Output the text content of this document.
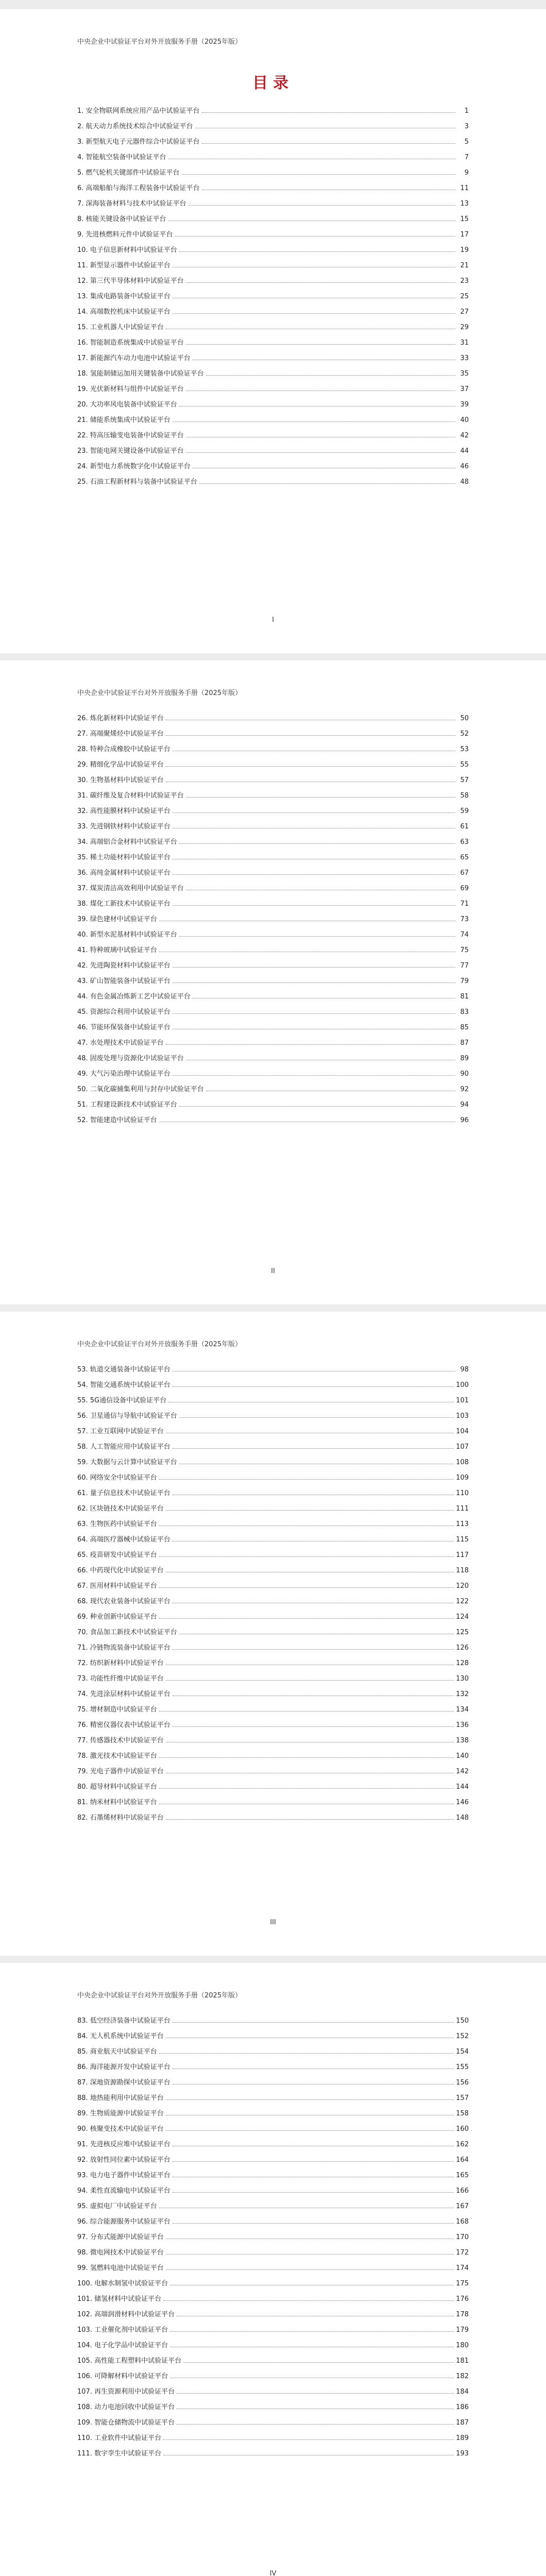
中央企业中试验证平台对外开放服务手册（2025年版）
目录
1. 安全物联网系统应用产品中试验证平台	1
2. 航天动力系统技术综合中试验证平台	3
3. 新型航天电子元器件综合中试验证平台	5
4. 智能航空装备中试验证平台	7
5. 燃气轮机关键部件中试验证平台	9
6. 高端船舶与海洋工程装备中试验证平台	11
7. 深海装备材料与技术中试验证平台	13
8. 核能关键设备中试验证平台	15
9. 先进核燃料元件中试验证平台	17
10. 电子信息新材料中试验证平台	19
11. 新型显示器件中试验证平台	21
12. 第三代半导体材料中试验证平台	23
13. 集成电路装备中试验证平台	25
14. 高端数控机床中试验证平台	27
15. 工业机器人中试验证平台	29
16. 智能制造系统集成中试验证平台	31
17. 新能源汽车动力电池中试验证平台	33
18. 氢能制储运加用关键装备中试验证平台	35
19. 光伏新材料与组件中试验证平台	37
20. 大功率风电装备中试验证平台	39
21. 储能系统集成中试验证平台	40
22. 特高压输变电装备中试验证平台	42
23. 智能电网关键设备中试验证平台	44
24. 新型电力系统数字化中试验证平台	46
25. 石油工程新材料与装备中试验证平台	48
I
中央企业中试验证平台对外开放服务手册（2025年版）
26. 炼化新材料中试验证平台	50
27. 高端聚烯烃中试验证平台	52
28. 特种合成橡胶中试验证平台	53
29. 精细化学品中试验证平台	55
30. 生物基材料中试验证平台	57
31. 碳纤维及复合材料中试验证平台	58
32. 高性能膜材料中试验证平台	59
33. 先进钢铁材料中试验证平台	61
34. 高端铝合金材料中试验证平台	63
35. 稀土功能材料中试验证平台	65
36. 高纯金属材料中试验证平台	67
37. 煤炭清洁高效利用中试验证平台	69
38. 煤化工新技术中试验证平台	71
39. 绿色建材中试验证平台	73
40. 新型水泥基材料中试验证平台	74
41. 特种玻璃中试验证平台	75
42. 先进陶瓷材料中试验证平台	77
43. 矿山智能装备中试验证平台	79
44. 有色金属冶炼新工艺中试验证平台	81
45. 资源综合利用中试验证平台	83
46. 节能环保装备中试验证平台	85
47. 水处理技术中试验证平台	87
48. 固废处理与资源化中试验证平台	89
49. 大气污染治理中试验证平台	90
50. 二氧化碳捕集利用与封存中试验证平台	92
51. 工程建设新技术中试验证平台	94
52. 智能建造中试验证平台	96
II
中央企业中试验证平台对外开放服务手册（2025年版）
53. 轨道交通装备中试验证平台	98
54. 智能交通系统中试验证平台	100
55. 5G通信设备中试验证平台	101
56. 卫星通信与导航中试验证平台	103
57. 工业互联网中试验证平台	104
58. 人工智能应用中试验证平台	107
59. 大数据与云计算中试验证平台	108
60. 网络安全中试验证平台	109
61. 量子信息技术中试验证平台	110
62. 区块链技术中试验证平台	111
63. 生物医药中试验证平台	113
64. 高端医疗器械中试验证平台	115
65. 疫苗研发中试验证平台	117
66. 中药现代化中试验证平台	118
67. 医用材料中试验证平台	120
68. 现代农业装备中试验证平台	122
69. 种业创新中试验证平台	124
70. 食品加工新技术中试验证平台	125
71. 冷链物流装备中试验证平台	126
72. 纺织新材料中试验证平台	128
73. 功能性纤维中试验证平台	130
74. 先进涂层材料中试验证平台	132
75. 增材制造中试验证平台	134
76. 精密仪器仪表中试验证平台	136
77. 传感器技术中试验证平台	138
78. 激光技术中试验证平台	140
79. 光电子器件中试验证平台	142
80. 超导材料中试验证平台	144
81. 纳米材料中试验证平台	146
82. 石墨烯材料中试验证平台	148
III
中央企业中试验证平台对外开放服务手册（2025年版）
83. 低空经济装备中试验证平台	150
84. 无人机系统中试验证平台	152
85. 商业航天中试验证平台	154
86. 海洋能源开发中试验证平台	155
87. 深地资源勘探中试验证平台	156
88. 地热能利用中试验证平台	157
89. 生物质能源中试验证平台	158
90. 核聚变技术中试验证平台	160
91. 先进核反应堆中试验证平台	162
92. 放射性同位素中试验证平台	164
93. 电力电子器件中试验证平台	165
94. 柔性直流输电中试验证平台	166
95. 虚拟电厂中试验证平台	167
96. 综合能源服务中试验证平台	168
97. 分布式能源中试验证平台	170
98. 微电网技术中试验证平台	172
99. 氢燃料电池中试验证平台	174
100. 电解水制氢中试验证平台	175
101. 储氢材料中试验证平台	176
102. 高端润滑材料中试验证平台	178
103. 工业催化剂中试验证平台	179
104. 电子化学品中试验证平台	180
105. 高性能工程塑料中试验证平台	181
106. 可降解材料中试验证平台	182
107. 再生资源利用中试验证平台	184
108. 动力电池回收中试验证平台	186
109. 智能仓储物流中试验证平台	187
110. 工业软件中试验证平台	189
111. 数字孪生中试验证平台	193
IV
